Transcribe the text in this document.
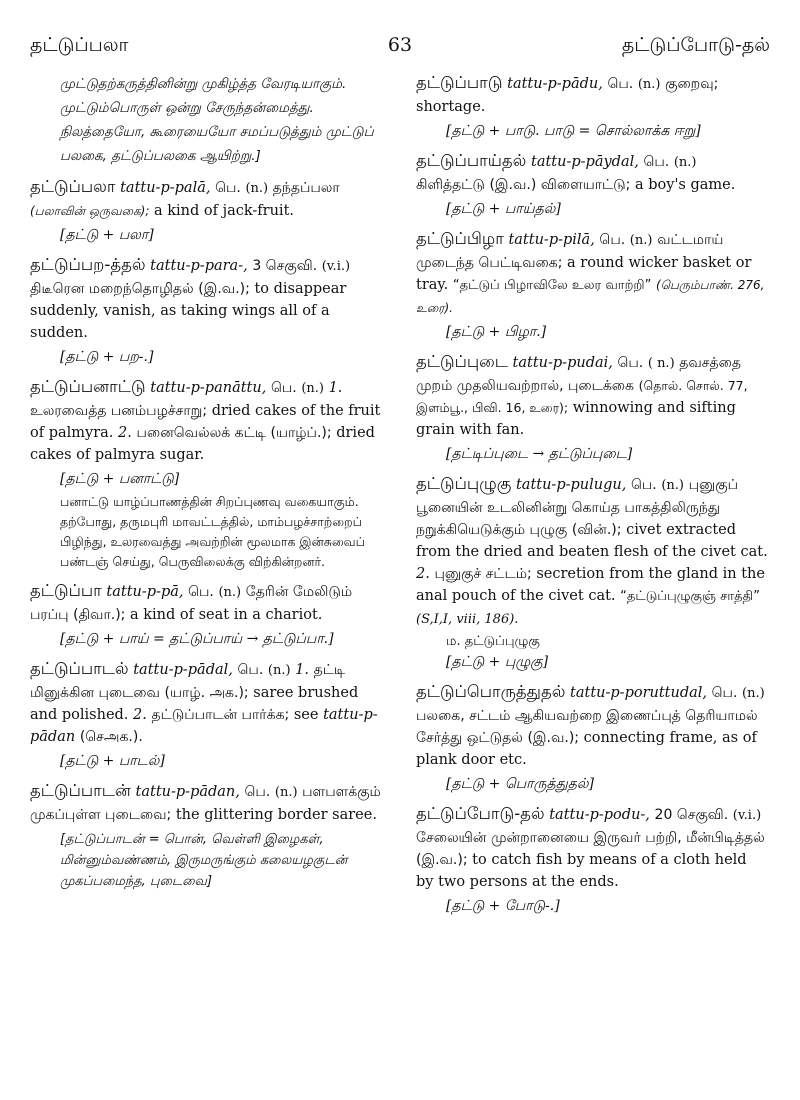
தட்டுப்பலா	63	தட்டுப்போடு-தல்
முட்டுதற்கருத்தினின்று முகிழ்த்த வேரடியாகும். முட்டும்பொருள் ஒன்று சேருந்தன்மைத்து. நிலத்தையோ, கூரையையோ சமப்படுத்தும் முட்டுப் பலகை, தட்டுப்பலகை ஆயிற்று.]
தட்டுப்பலா tattu-p-palā, பெ. (n.) தந்தப்பலா (பலாவின் ஒருவகை); a kind of jack-fruit.
[தட்டு + பலா]
தட்டுப்பற-த்தல் tattu-p-para-, 3 செகுவி. (v.i.) திடீரென மறைந்தொழிதல் (இ.வ.); to disappear suddenly, vanish, as taking wings all of a sudden.
[தட்டு + பற-.]
தட்டுப்பனாட்டு tattu-p-panāttu, பெ. (n.) 1. உலரவைத்த பனம்பழச்சாறு; dried cakes of the fruit of palmyra. 2. பனைவெல்லக் கட்டி (யாழ்ப்.); dried cakes of palmyra sugar.
[தட்டு + பனாட்டு]
பனாட்டு யாழ்ப்பாணத்தின் சிறப்புணவு வகையாகும். தற்போது, தருமபுரி மாவட்டத்தில், மாம்பழச்சாற்றைப் பிழிந்து, உலரவைத்து அவற்றின் மூலமாக இன்சுவைப் பண்டஞ் செய்து, பெருவிலைக்கு விற்கின்றனர்.
தட்டுப்பா tattu-p-pā, பெ. (n.) தேரின் மேலிடும் பரப்பு (திவா.); a kind of seat in a chariot.
[தட்டு + பாய் = தட்டுப்பாய் → தட்டுப்பா.]
தட்டுப்பாடல் tattu-p-pādal, பெ. (n.) 1. தட்டி மினுக்கின புடைவை (யாழ். அக.); saree brushed and polished. 2. தட்டுப்பாடன் பார்க்க; see tattu-p-pādan (செஅக.).
[தட்டு + பாடல்]
தட்டுப்பாடன் tattu-p-pādan, பெ. (n.) பளபளக்கும் முகப்புள்ள புடைவை; the glittering border saree.
[தட்டுப்பாடன் = பொன், வெள்ளி இழைகள், மின்னும்வண்ணம், இருமருங்கும் கலையழகுடன் முகப்பமைந்த, புடைவை]
தட்டுப்பாடு tattu-p-pādu, பெ. (n.) குறைவு; shortage.
[தட்டு + பாடு. பாடு = சொல்லாக்க ஈறு]
தட்டுப்பாய்தல் tattu-p-pāydal, பெ. (n.) கிளித்தட்டு (இ.வ.) விளையாட்டு; a boy's game.
[தட்டு + பாய்தல்]
தட்டுப்பிழா tattu-p-pilā, பெ. (n.) வட்டமாய் முடைந்த பெட்டிவகை; a round wicker basket or tray. “தட்டுப் பிழாவிலே உலர வாற்றி” (பெரும்பாண். 276, உரை).
[தட்டு + பிழா.]
தட்டுப்புடை tattu-p-pudai, பெ. ( n.) தவசத்தை முறம் முதலியவற்றால், புடைக்கை (தொல். சொல். 77, இளம்பூ., பிவி. 16, உரை); winnowing and sifting grain with fan.
[தட்டிப்புடை → தட்டுப்புடை]
தட்டுப்புழுகு tattu-p-pulugu, பெ. (n.) புனுகுப் பூனையின் உடலினின்று கொய்த பாகத்திலிருந்து நறுக்கியெடுக்கும் புழுகு (வின்.); civet extracted from the dried and beaten flesh of the civet cat. 2. புனுகுச் சட்டம்; secretion from the gland in the anal pouch of the civet cat. “தட்டுப்புழுகுஞ் சாத்தி” (S,I,I, viii, 186).
ம. தட்டுப்புழுகு
[தட்டு + புழுகு]
தட்டுப்பொருத்துதல் tattu-p-poruttudal, பெ. (n.) பலகை, சட்டம் ஆகியவற்றை இணைப்புத் தெரியாமல் சேர்த்து ஒட்டுதல் (இ.வ.); connecting frame, as of plank door etc.
[தட்டு + பொருத்துதல்]
தட்டுப்போடு-தல் tattu-p-podu-, 20 செகுவி. (v.i.) சேலையின் முன்றானையை இருவர் பற்றி, மீன்பிடித்தல் (இ.வ.); to catch fish by means of a cloth held by two persons at the ends.
[தட்டு + போடு-.]
